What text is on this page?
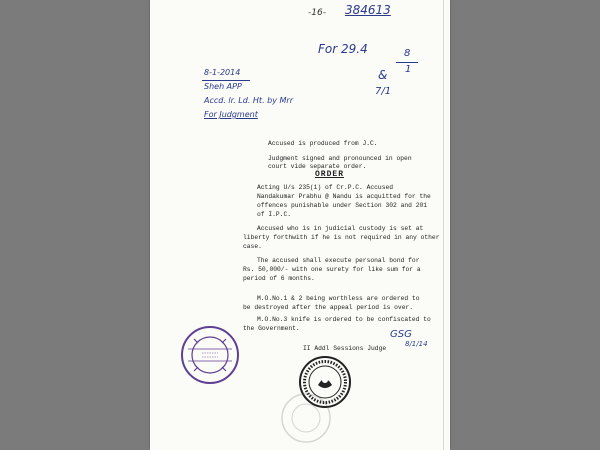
-16- 384613
For 29.4	8
1
&
7/1
8-1-2014
Sheh APP
Accd. lr. Ld. Ht. by Mrr
For Judgment
Accused is produced from J.C.
Judgment signed and pronounced in open
court vide separate order.
ORDER
Acting U/s 235(1) of Cr.P.C. Accused
Nandakumar Prabhu @ Nandu is acquitted for the
offences punishable under Section 302 and 201
of I.P.C.
Accused who is in judicial custody is set at
liberty forthwith if he is not required in any other
case.
The accused shall execute personal bond for
Rs. 50,000/- with one surety for like sum for a
period of 6 months.
M.O.No.1 & 2 being worthless are ordered to
be destroyed after the appeal period is over.
M.O.No.3 knife is ordered to be confiscated to
the Government.
GSG
8/1/14
II Addl Sessions Judge
